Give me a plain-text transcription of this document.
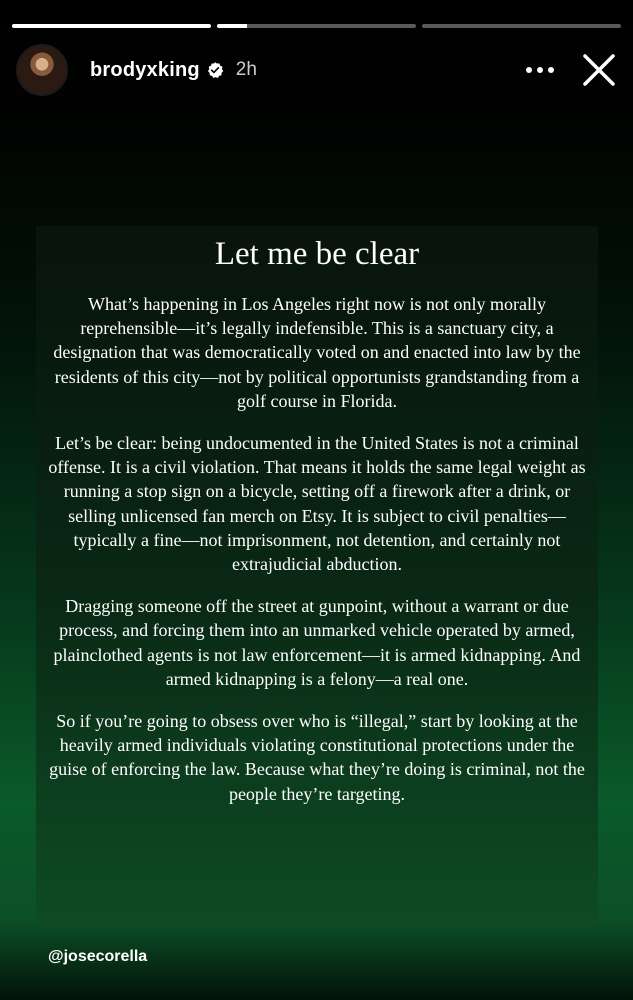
brodyxking 2h
Let me be clear

What’s happening in Los Angeles right now is not only morally reprehensible—it’s legally indefensible. This is a sanctuary city, a designation that was democratically voted on and enacted into law by the residents of this city—not by political opportunists grandstanding from a golf course in Florida.

Let’s be clear: being undocumented in the United States is not a criminal offense. It is a civil violation. That means it holds the same legal weight as running a stop sign on a bicycle, setting off a firework after a drink, or selling unlicensed fan merch on Etsy. It is subject to civil penalties—typically a fine—not imprisonment, not detention, and certainly not extrajudicial abduction.

Dragging someone off the street at gunpoint, without a warrant or due process, and forcing them into an unmarked vehicle operated by armed, plainclothed agents is not law enforcement—it is armed kidnapping. And armed kidnapping is a felony—a real one.

So if you’re going to obsess over who is “illegal,” start by looking at the heavily armed individuals violating constitutional protections under the guise of enforcing the law. Because what they’re doing is criminal, not the people they’re targeting.

@josecorella
